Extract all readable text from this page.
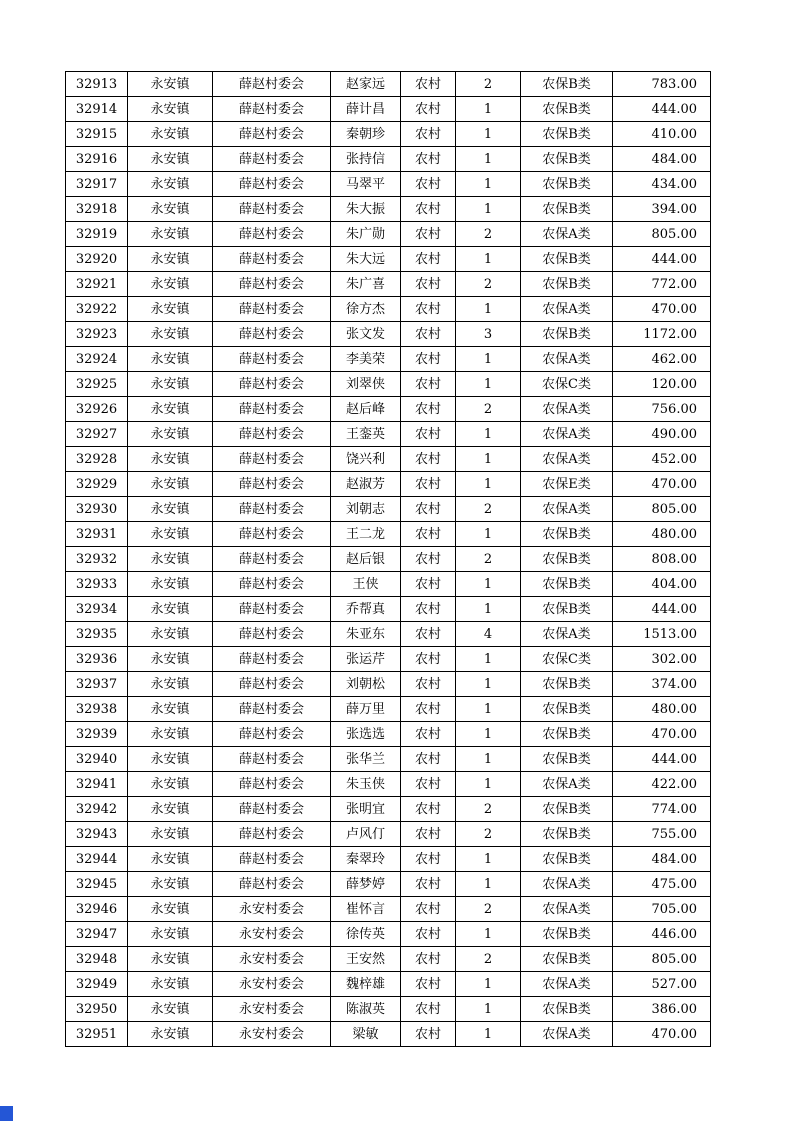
32913	永安镇	薛赵村委会	赵家远	农村	2	农保B类	783.00
32914	永安镇	薛赵村委会	薛计昌	农村	1	农保B类	444.00
32915	永安镇	薛赵村委会	秦朝珍	农村	1	农保B类	410.00
32916	永安镇	薛赵村委会	张持信	农村	1	农保B类	484.00
32917	永安镇	薛赵村委会	马翠平	农村	1	农保B类	434.00
32918	永安镇	薛赵村委会	朱大振	农村	1	农保B类	394.00
32919	永安镇	薛赵村委会	朱广勋	农村	2	农保A类	805.00
32920	永安镇	薛赵村委会	朱大远	农村	1	农保B类	444.00
32921	永安镇	薛赵村委会	朱广喜	农村	2	农保B类	772.00
32922	永安镇	薛赵村委会	徐方杰	农村	1	农保A类	470.00
32923	永安镇	薛赵村委会	张文发	农村	3	农保B类	1172.00
32924	永安镇	薛赵村委会	李美荣	农村	1	农保A类	462.00
32925	永安镇	薛赵村委会	刘翠侠	农村	1	农保C类	120.00
32926	永安镇	薛赵村委会	赵后峰	农村	2	农保A类	756.00
32927	永安镇	薛赵村委会	王銮英	农村	1	农保A类	490.00
32928	永安镇	薛赵村委会	饶兴利	农村	1	农保A类	452.00
32929	永安镇	薛赵村委会	赵淑芳	农村	1	农保E类	470.00
32930	永安镇	薛赵村委会	刘朝志	农村	2	农保A类	805.00
32931	永安镇	薛赵村委会	王二龙	农村	1	农保B类	480.00
32932	永安镇	薛赵村委会	赵后银	农村	2	农保B类	808.00
32933	永安镇	薛赵村委会	王侠	农村	1	农保B类	404.00
32934	永安镇	薛赵村委会	乔帮真	农村	1	农保B类	444.00
32935	永安镇	薛赵村委会	朱亚东	农村	4	农保A类	1513.00
32936	永安镇	薛赵村委会	张运芹	农村	1	农保C类	302.00
32937	永安镇	薛赵村委会	刘朝松	农村	1	农保B类	374.00
32938	永安镇	薛赵村委会	薛万里	农村	1	农保B类	480.00
32939	永安镇	薛赵村委会	张选选	农村	1	农保B类	470.00
32940	永安镇	薛赵村委会	张华兰	农村	1	农保B类	444.00
32941	永安镇	薛赵村委会	朱玉侠	农村	1	农保A类	422.00
32942	永安镇	薛赵村委会	张明宜	农村	2	农保B类	774.00
32943	永安镇	薛赵村委会	卢风仃	农村	2	农保B类	755.00
32944	永安镇	薛赵村委会	秦翠玲	农村	1	农保B类	484.00
32945	永安镇	薛赵村委会	薛梦婷	农村	1	农保A类	475.00
32946	永安镇	永安村委会	崔怀言	农村	2	农保A类	705.00
32947	永安镇	永安村委会	徐传英	农村	1	农保B类	446.00
32948	永安镇	永安村委会	王安然	农村	2	农保B类	805.00
32949	永安镇	永安村委会	魏梓雄	农村	1	农保A类	527.00
32950	永安镇	永安村委会	陈淑英	农村	1	农保B类	386.00
32951	永安镇	永安村委会	梁敏	农村	1	农保A类	470.00
